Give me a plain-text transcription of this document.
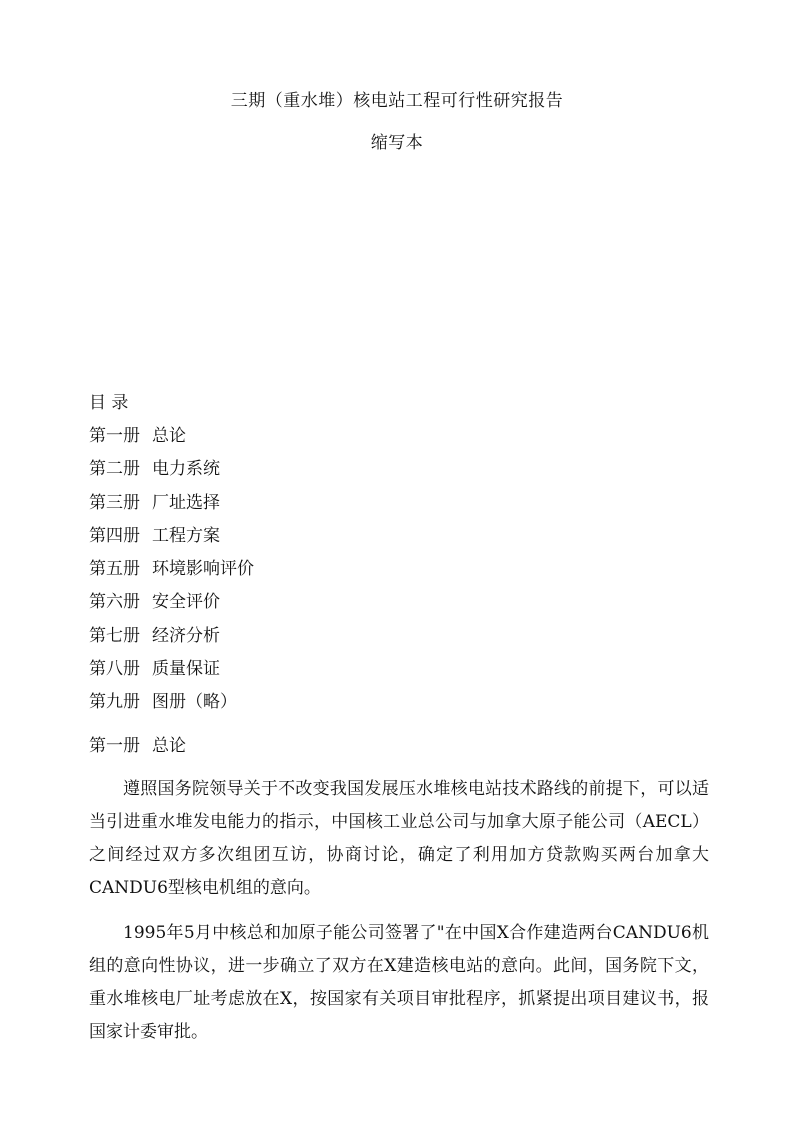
三期（重水堆）核电站工程可行性研究报告
缩写本
目 录
第一册 总论
第二册 电力系统
第三册 厂址选择
第四册 工程方案
第五册 环境影响评价
第六册 安全评价
第七册 经济分析
第八册 质量保证
第九册 图册（略）
第一册 总论

遵照国务院领导关于不改变我国发展压水堆核电站技术路线的前提下，可以适当引进重水堆发电能力的指示，中国核工业总公司与加拿大原子能公司（AECL）之间经过双方多次组团互访，协商讨论，确定了利用加方贷款购买两台加拿大CANDU6型核电机组的意向。

1995年5月中核总和加原子能公司签署了"在中国X合作建造两台CANDU6机组的意向性协议，进一步确立了双方在X建造核电站的意向。此间，国务院下文，重水堆核电厂址考虑放在X，按国家有关项目审批程序，抓紧提出项目建议书，报国家计委审批。
